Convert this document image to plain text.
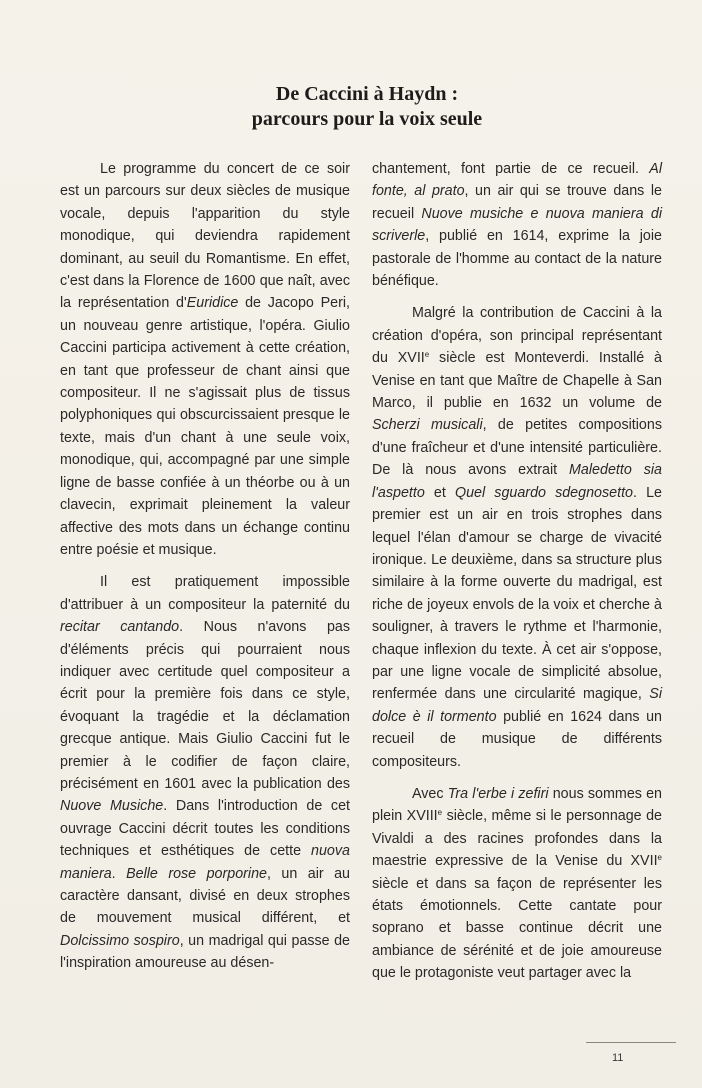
De Caccini à Haydn :
parcours pour la voix seule

Le programme du concert de ce soir est un parcours sur deux siècles de musique vocale, depuis l'apparition du style monodique, qui deviendra rapidement dominant, au seuil du Romantisme. En effet, c'est dans la Florence de 1600 que naît, avec la représentation d'Euridice de Jacopo Peri, un nouveau genre artistique, l'opéra. Giulio Caccini participa activement à cette création, en tant que professeur de chant ainsi que compositeur. Il ne s'agissait plus de tissus polyphoniques qui obscurcissaient presque le texte, mais d'un chant à une seule voix, monodique, qui, accompagné par une simple ligne de basse confiée à un théorbe ou à un clavecin, exprimait pleinement la valeur affective des mots dans un échange continu entre poésie et musique.

Il est pratiquement impossible d'attribuer à un compositeur la paternité du recitar cantando. Nous n'avons pas d'éléments précis qui pourraient nous indiquer avec certitude quel compositeur a écrit pour la première fois dans ce style, évoquant la tragédie et la déclamation grecque antique. Mais Giulio Caccini fut le premier à le codifier de façon claire, précisément en 1601 avec la publication des Nuove Musiche. Dans l'introduction de cet ouvrage Caccini décrit toutes les conditions techniques et esthétiques de cette nuova maniera. Belle rose porporine, un air au caractère dansant, divisé en deux strophes de mouvement musical différent, et Dolcissimo sospiro, un madrigal qui passe de l'inspiration amoureuse au désen-

chantement, font partie de ce recueil. Al fonte, al prato, un air qui se trouve dans le recueil Nuove musiche e nuova maniera di scriverle, publié en 1614, exprime la joie pastorale de l'homme au contact de la nature bénéfique.

Malgré la contribution de Caccini à la création d'opéra, son principal représentant du XVIIe siècle est Monteverdi. Installé à Venise en tant que Maître de Chapelle à San Marco, il publie en 1632 un volume de Scherzi musicali, de petites compositions d'une fraîcheur et d'une intensité particulière. De là nous avons extrait Maledetto sia l'aspetto et Quel sguardo sdegnosetto. Le premier est un air en trois strophes dans lequel l'élan d'amour se charge de vivacité ironique. Le deuxième, dans sa structure plus similaire à la forme ouverte du madrigal, est riche de joyeux envols de la voix et cherche à souligner, à travers le rythme et l'harmonie, chaque inflexion du texte. À cet air s'oppose, par une ligne vocale de simplicité absolue, renfermée dans une circularité magique, Si dolce è il tormento publié en 1624 dans un recueil de musique de différents compositeurs.

Avec Tra l'erbe i zefiri nous sommes en plein XVIIIe siècle, même si le personnage de Vivaldi a des racines profondes dans la maestrie expressive de la Venise du XVIIe siècle et dans sa façon de représenter les états émotionnels. Cette cantate pour soprano et basse continue décrit une ambiance de sérénité et de joie amoureuse que le protagoniste veut partager avec la

11
